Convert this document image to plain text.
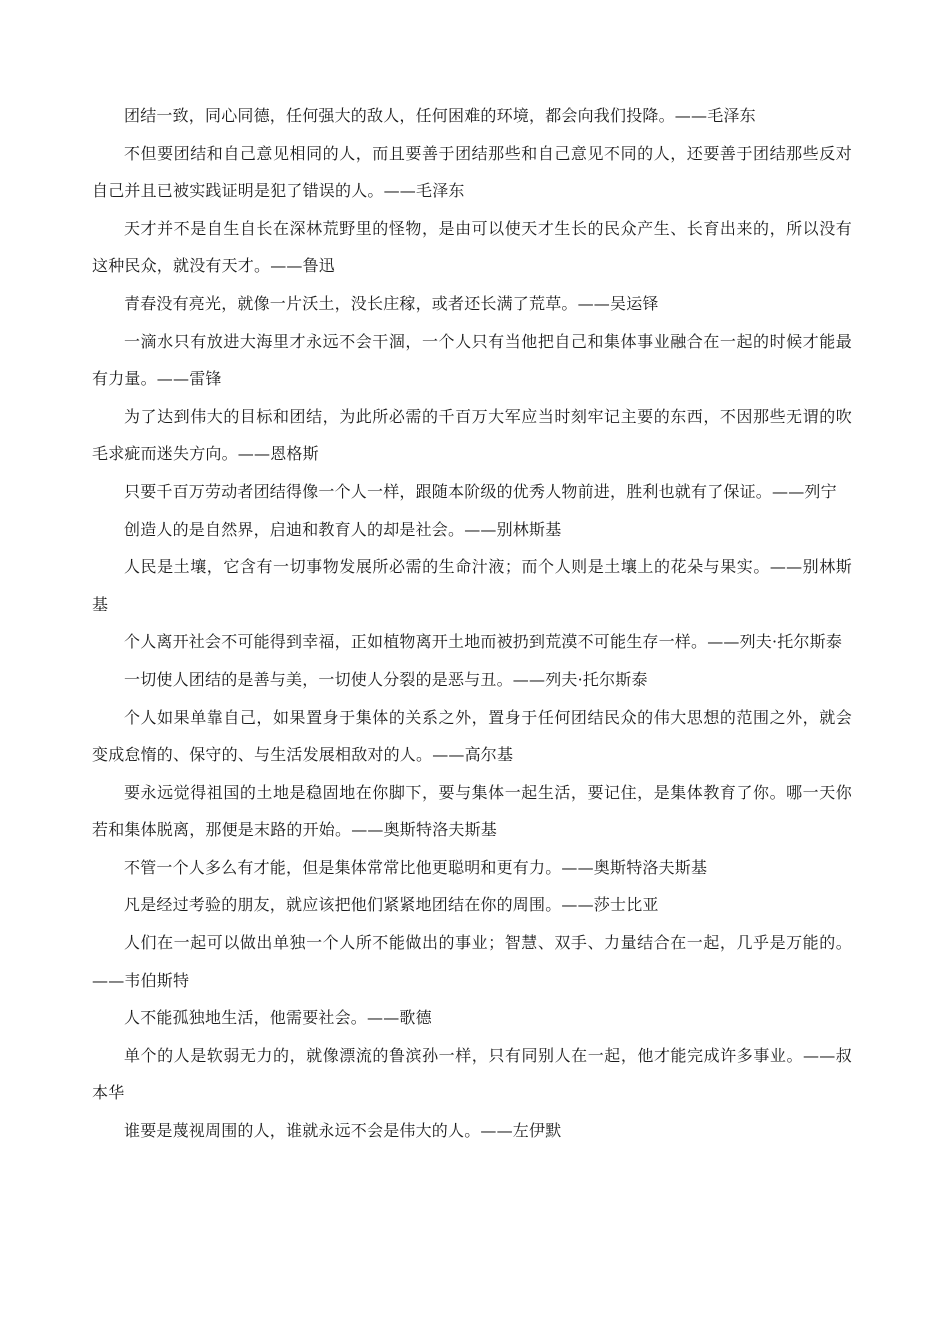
团结一致，同心同德，任何强大的敌人，任何困难的环境，都会向我们投降。——毛泽东

不但要团结和自己意见相同的人，而且要善于团结那些和自己意见不同的人，还要善于团结那些反对自己并且已被实践证明是犯了错误的人。——毛泽东

天才并不是自生自长在深林荒野里的怪物，是由可以使天才生长的民众产生、长育出来的，所以没有这种民众，就没有天才。——鲁迅

青春没有亮光，就像一片沃土，没长庄稼，或者还长满了荒草。——吴运铎

一滴水只有放进大海里才永远不会干涸，一个人只有当他把自己和集体事业融合在一起的时候才能最有力量。——雷锋

为了达到伟大的目标和团结，为此所必需的千百万大军应当时刻牢记主要的东西，不因那些无谓的吹毛求疵而迷失方向。——恩格斯

只要千百万劳动者团结得像一个人一样，跟随本阶级的优秀人物前进，胜利也就有了保证。——列宁

创造人的是自然界，启迪和教育人的却是社会。——别林斯基

人民是土壤，它含有一切事物发展所必需的生命汁液；而个人则是土壤上的花朵与果实。——别林斯基

个人离开社会不可能得到幸福，正如植物离开土地而被扔到荒漠不可能生存一样。——列夫·托尔斯泰

一切使人团结的是善与美，一切使人分裂的是恶与丑。——列夫·托尔斯泰

个人如果单靠自己，如果置身于集体的关系之外，置身于任何团结民众的伟大思想的范围之外，就会变成怠惰的、保守的、与生活发展相敌对的人。——高尔基

要永远觉得祖国的土地是稳固地在你脚下，要与集体一起生活，要记住，是集体教育了你。哪一天你若和集体脱离，那便是末路的开始。——奥斯特洛夫斯基

不管一个人多么有才能，但是集体常常比他更聪明和更有力。——奥斯特洛夫斯基

凡是经过考验的朋友，就应该把他们紧紧地团结在你的周围。——莎士比亚

人们在一起可以做出单独一个人所不能做出的事业；智慧、双手、力量结合在一起，几乎是万能的。——韦伯斯特

人不能孤独地生活，他需要社会。——歌德

单个的人是软弱无力的，就像漂流的鲁滨孙一样，只有同别人在一起，他才能完成许多事业。——叔本华

谁要是蔑视周围的人，谁就永远不会是伟大的人。——左伊默
